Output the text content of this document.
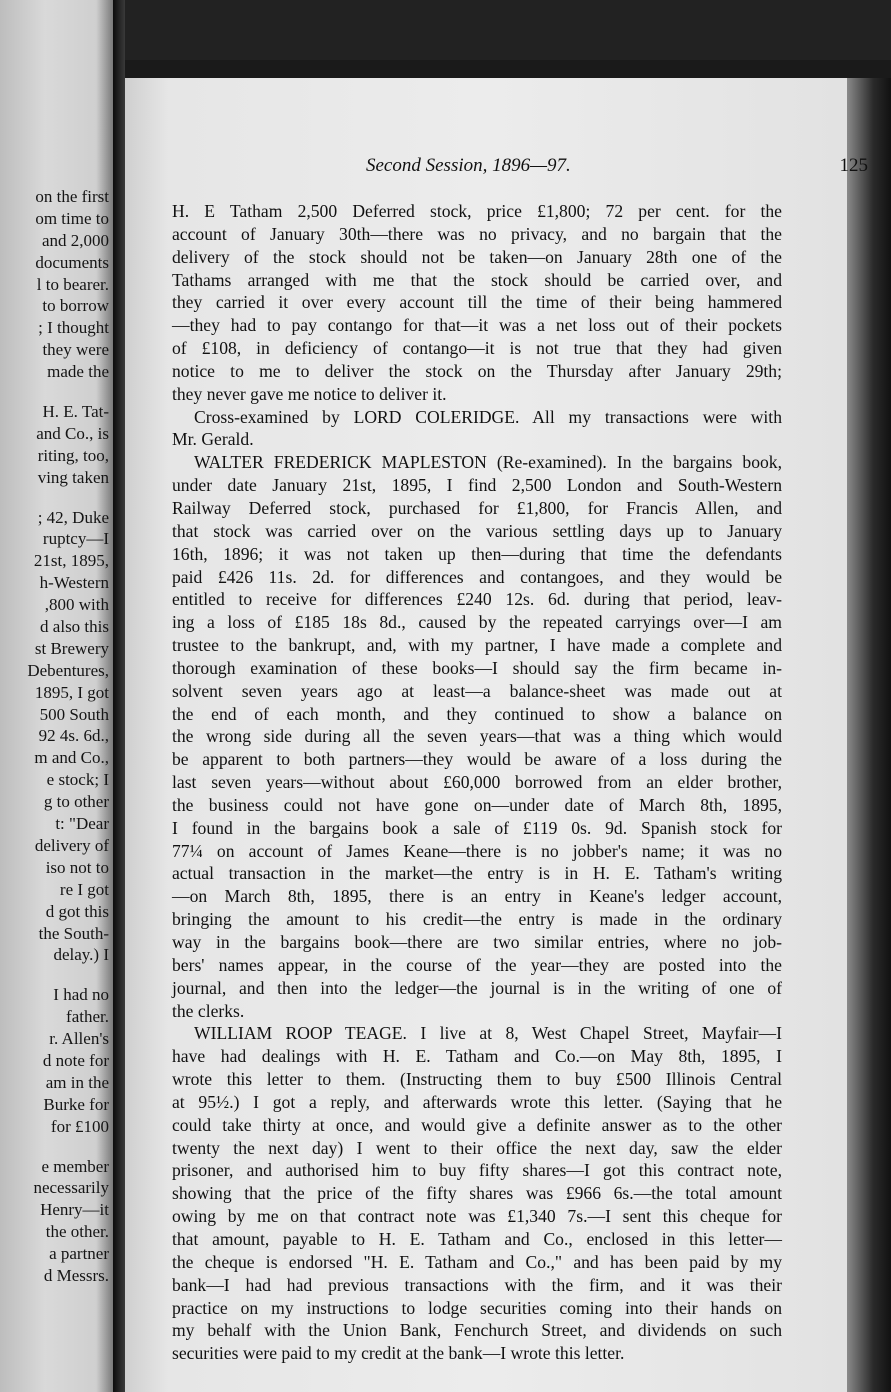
on the first
om time to
and 2,000
documents
l to bearer.
to borrow
; I thought
they were
made the
H. E. Tat-
and Co., is
riting, too,
ving taken
; 42, Duke
ruptcy—I
21st, 1895,
h-Western
,800 with
d also this
st Brewery
Debentures,
1895, I got
500 South
92 4s. 6d.,
m and Co.,
e stock; I
g to other
t: "Dear
delivery of
iso not to
re I got
d got this
the South-
delay.) I
I had no
father.
r. Allen's
d note for
am in the
Burke for
for £100
e member
necessarily
Henry—it
the other.
a partner
d Messrs.
Second Session, 1896—97.	125
H. E Tatham 2,500 Deferred stock, price £1,800; 72 per cent. for the
account of January 30th—there was no privacy, and no bargain that the
delivery of the stock should not be taken—on January 28th one of the
Tathams arranged with me that the stock should be carried over, and
they carried it over every account till the time of their being hammered
—they had to pay contango for that—it was a net loss out of their pockets
of £108, in deficiency of contango—it is not true that they had given
notice to me to deliver the stock on the Thursday after January 29th;
they never gave me notice to deliver it.
Cross-examined by LORD COLERIDGE. All my transactions were with
Mr. Gerald.
WALTER FREDERICK MAPLESTON (Re-examined). In the bargains book,
under date January 21st, 1895, I find 2,500 London and South-Western
Railway Deferred stock, purchased for £1,800, for Francis Allen, and
that stock was carried over on the various settling days up to January
16th, 1896; it was not taken up then—during that time the defendants
paid £426 11s. 2d. for differences and contangoes, and they would be
entitled to receive for differences £240 12s. 6d. during that period, leav-
ing a loss of £185 18s 8d., caused by the repeated carryings over—I am
trustee to the bankrupt, and, with my partner, I have made a complete and
thorough examination of these books—I should say the firm became in-
solvent seven years ago at least—a balance-sheet was made out at
the end of each month, and they continued to show a balance on
the wrong side during all the seven years—that was a thing which would
be apparent to both partners—they would be aware of a loss during the
last seven years—without about £60,000 borrowed from an elder brother,
the business could not have gone on—under date of March 8th, 1895,
I found in the bargains book a sale of £119 0s. 9d. Spanish stock for
77¼ on account of James Keane—there is no jobber's name; it was no
actual transaction in the market—the entry is in H. E. Tatham's writing
—on March 8th, 1895, there is an entry in Keane's ledger account,
bringing the amount to his credit—the entry is made in the ordinary
way in the bargains book—there are two similar entries, where no job-
bers' names appear, in the course of the year—they are posted into the
journal, and then into the ledger—the journal is in the writing of one of
the clerks.
WILLIAM ROOP TEAGE. I live at 8, West Chapel Street, Mayfair—I
have had dealings with H. E. Tatham and Co.—on May 8th, 1895, I
wrote this letter to them. (Instructing them to buy £500 Illinois Central
at 95½.) I got a reply, and afterwards wrote this letter. (Saying that he
could take thirty at once, and would give a definite answer as to the other
twenty the next day) I went to their office the next day, saw the elder
prisoner, and authorised him to buy fifty shares—I got this contract note,
showing that the price of the fifty shares was £966 6s.—the total amount
owing by me on that contract note was £1,340 7s.—I sent this cheque for
that amount, payable to H. E. Tatham and Co., enclosed in this letter—
the cheque is endorsed "H. E. Tatham and Co.," and has been paid by my
bank—I had had previous transactions with the firm, and it was their
practice on my instructions to lodge securities coming into their hands on
my behalf with the Union Bank, Fenchurch Street, and dividends on such
securities were paid to my credit at the bank—I wrote this letter.
